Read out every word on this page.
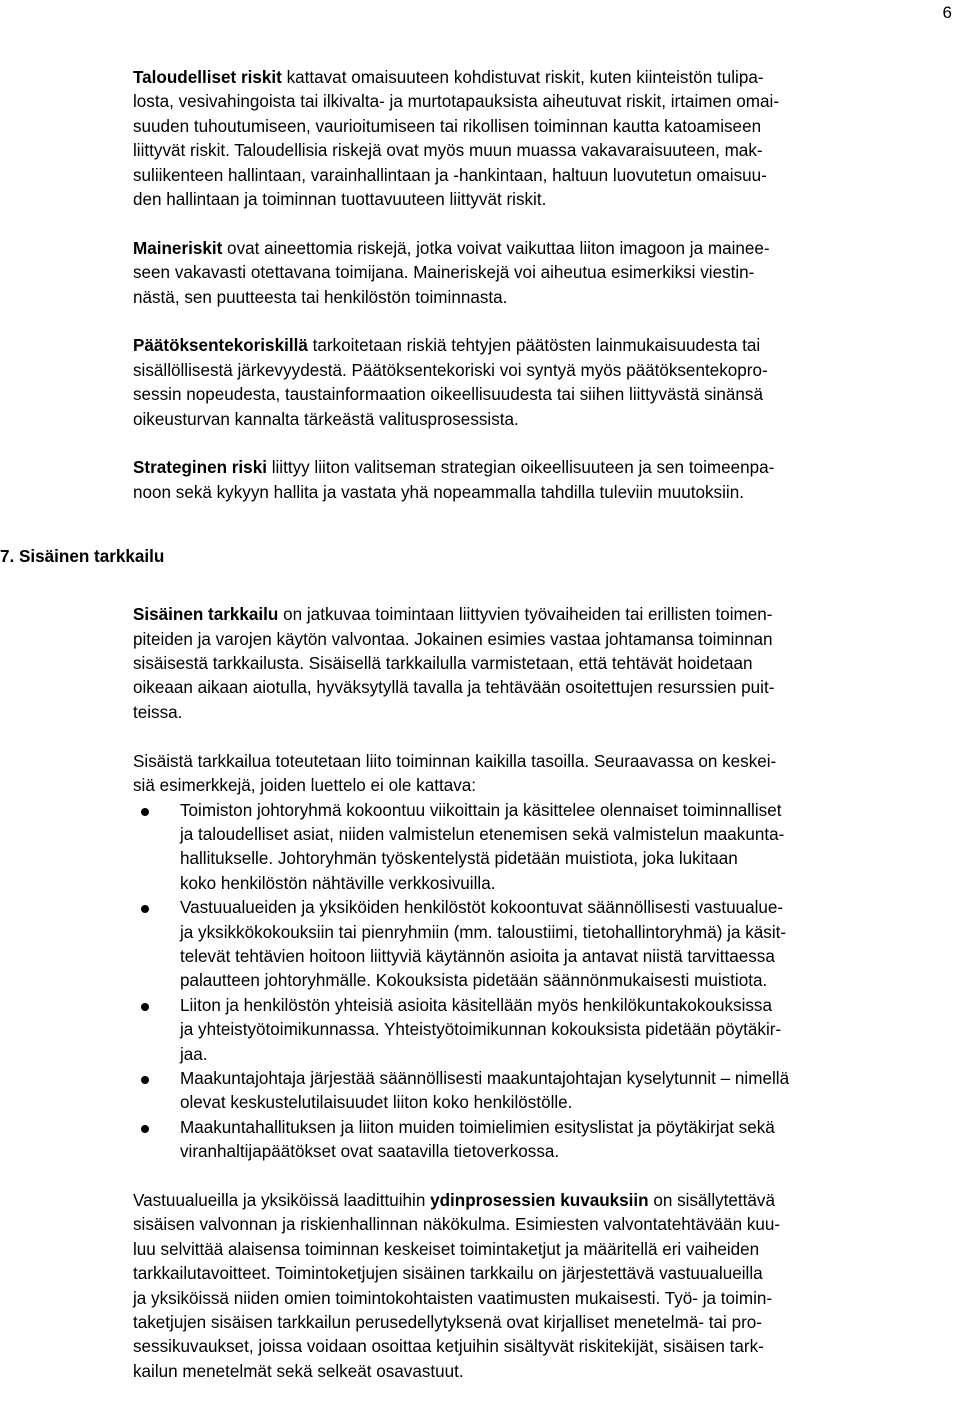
6
7. Sisäinen tarkkailu

Taloudelliset riskit kattavat omaisuuteen kohdistuvat riskit, kuten kiinteistön tulipa-
losta, vesivahingoista tai ilkivalta- ja murtotapauksista aiheutuvat riskit, irtaimen omai-
suuden tuhoutumiseen, vaurioitumiseen tai rikollisen toiminnan kautta katoamiseen
liittyvät riskit. Taloudellisia riskejä ovat myös muun muassa vakavaraisuuteen, mak-
suliikenteen hallintaan, varainhallintaan ja -hankintaan, haltuun luovutetun omaisuu-
den hallintaan ja toiminnan tuottavuuteen liittyvät riskit.

Maineriskit ovat aineettomia riskejä, jotka voivat vaikuttaa liiton imagoon ja mainee-
seen vakavasti otettavana toimijana. Maineriskejä voi aiheutua esimerkiksi viestin-
nästä, sen puutteesta tai henkilöstön toiminnasta.

Päätöksentekoriskillä tarkoitetaan riskiä tehtyjen päätösten lainmukaisuudesta tai
sisällöllisestä järkevyydestä. Päätöksentekoriski voi syntyä myös päätöksentekopro-
sessin nopeudesta, taustainformaation oikeellisuudesta tai siihen liittyvästä sinänsä
oikeusturvan kannalta tärkeästä valitusprosessista.

Strateginen riski liittyy liiton valitseman strategian oikeellisuuteen ja sen toimeenpa-
noon sekä kykyyn hallita ja vastata yhä nopeammalla tahdilla tuleviin muutoksiin.

Sisäinen tarkkailu on jatkuvaa toimintaan liittyvien työvaiheiden tai erillisten toimen-
piteiden ja varojen käytön valvontaa. Jokainen esimies vastaa johtamansa toiminnan
sisäisestä tarkkailusta. Sisäisellä tarkkailulla varmistetaan, että tehtävät hoidetaan
oikeaan aikaan aiotulla, hyväksytyllä tavalla ja tehtävään osoitettujen resurssien puit-
teissa.

Sisäistä tarkkailua toteutetaan liito toiminnan kaikilla tasoilla. Seuraavassa on keskei-
siä esimerkkejä, joiden luettelo ei ole kattava:

Toimiston johtoryhmä kokoontuu viikoittain ja käsittelee olennaiset toiminnalliset
ja taloudelliset asiat, niiden valmistelun etenemisen sekä valmistelun maakunta-
hallitukselle. Johtoryhmän työskentelystä pidetään muistiota, joka lukitaan
koko henkilöstön nähtäville verkkosivuilla.
Vastuualueiden ja yksiköiden henkilöstöt kokoontuvat säännöllisesti vastuualue-
ja yksikkökokouksiin tai pienryhmiin (mm. taloustiimi, tietohallintoryhmä) ja käsit-
televät tehtävien hoitoon liittyviä käytännön asioita ja antavat niistä tarvittaessa
palautteen johtoryhmälle. Kokouksista pidetään säännönmukaisesti muistiota.
Liiton ja henkilöstön yhteisiä asioita käsitellään myös henkilökuntakokouksissa
ja yhteistyötoimikunnassa. Yhteistyötoimikunnan kokouksista pidetään pöytäkir-
jaa.
Maakuntajohtaja järjestää säännöllisesti maakuntajohtajan kyselytunnit – nimellä
olevat keskustelutilaisuudet liiton koko henkilöstölle.
Maakuntahallituksen ja liiton muiden toimielimien esityslistat ja pöytäkirjat sekä
viranhaltijapäätökset ovat saatavilla tietoverkossa.

Vastuualueilla ja yksiköissä laadittuihin ydinprosessien kuvauksiin on sisällytettävä
sisäisen valvonnan ja riskienhallinnan näkökulma. Esimiesten valvontatehtävään kuu-
luu selvittää alaisensa toiminnan keskeiset toimintaketjut ja määritellä eri vaiheiden
tarkkailutavoitteet. Toimintoketjujen sisäinen tarkkailu on järjestettävä vastuualueilla
ja yksiköissä niiden omien toimintokohtaisten vaatimusten mukaisesti. Työ- ja toimin-
taketjujen sisäisen tarkkailun perusedellytyksenä ovat kirjalliset menetelmä- tai pro-
sessikuvaukset, joissa voidaan osoittaa ketjuihin sisältyvät riskitekijät, sisäisen tark-
kailun menetelmät sekä selkeät osavastuut.
